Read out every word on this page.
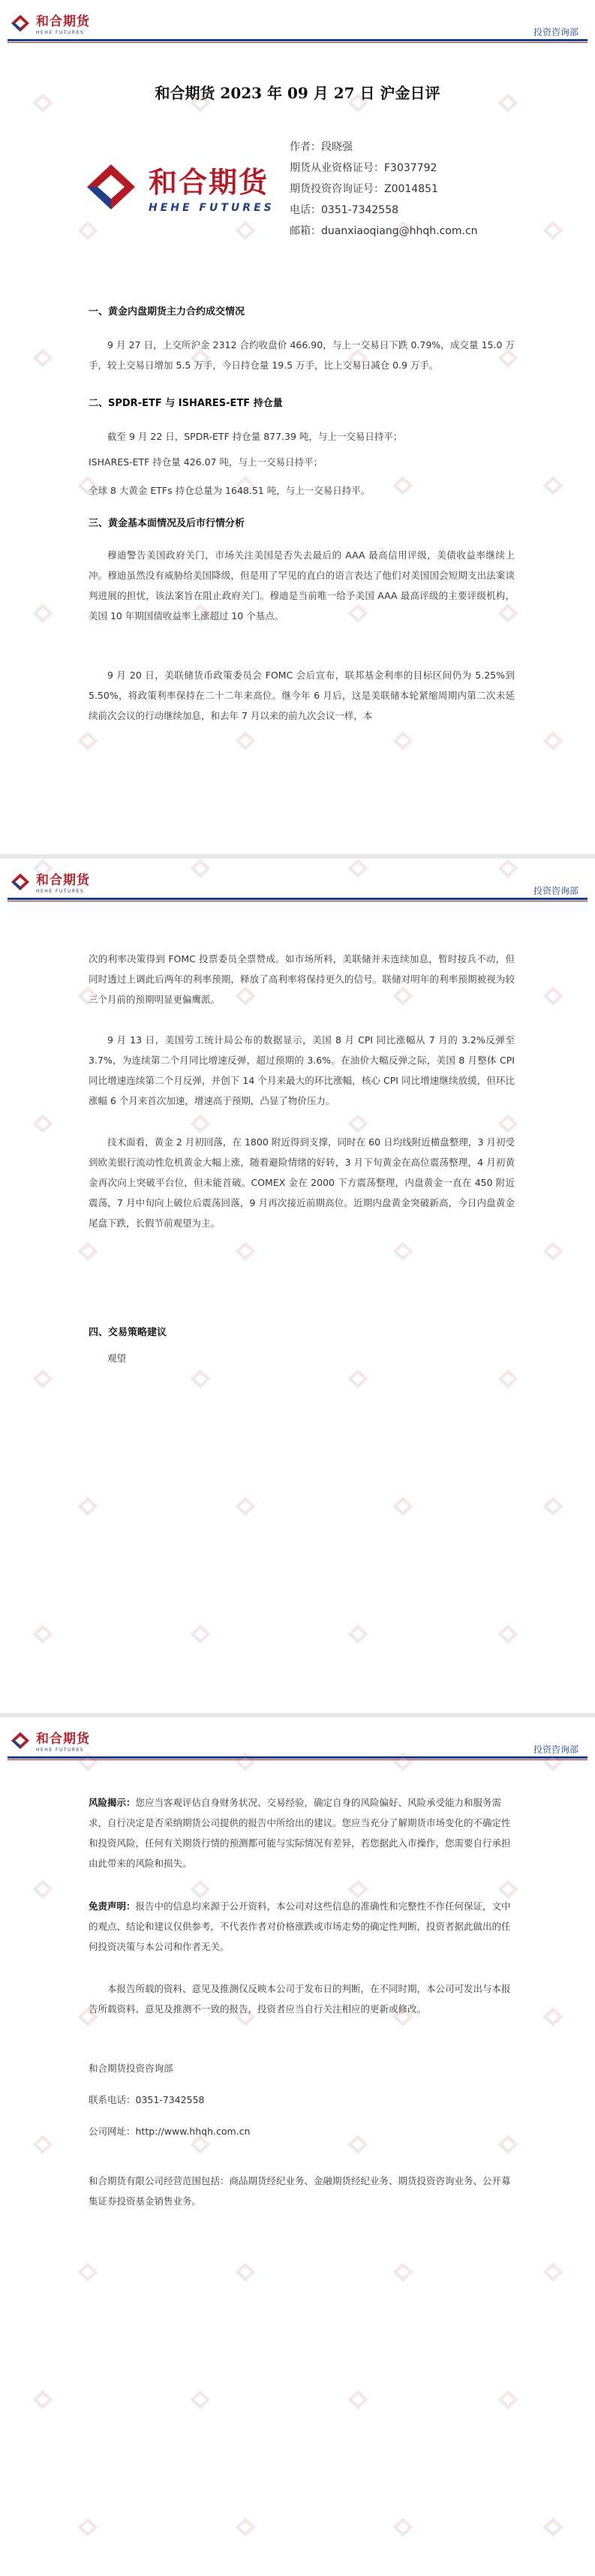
和合期货
HEHE FUTURES	投资咨询部
和合期货 2023 年 09 月 27 日 沪金日评
和合期货
HEHE FUTURES
作者：段晓强
期货从业资格证号：F3037792
期货投资咨询证号：Z0014851
电话：0351-7342558
邮箱：duanxiaoqiang@hhqh.com.cn
一、黄金内盘期货主力合约成交情况
9 月 27 日，上交所沪金 2312 合约收盘价 466.90，与上一交易日下跌 0.79%，成交量 15.0 万手，较上交易日增加 5.5 万手，今日持仓量 19.5 万手，比上交易日减仓 0.9 万手。
二、SPDR-ETF 与 ISHARES-ETF 持仓量
截至 9 月 22 日，SPDR-ETF 持仓量 877.39 吨，与上一交易日持平；
ISHARES-ETF 持仓量 426.07 吨，与上一交易日持平；
全球 8 大黄金 ETFs 持仓总量为 1648.51 吨，与上一交易日持平。
三、黄金基本面情况及后市行情分析
穆迪警告美国政府关门，市场关注美国是否失去最后的 AAA 最高信用评级，美债收益率继续上冲。穆迪虽然没有威胁给美国降级，但是用了罕见的直白的语言表达了他们对美国国会短期支出法案谈判进展的担忧，该法案旨在阻止政府关门。穆迪是当前唯一给予美国 AAA 最高评级的主要评级机构，美国 10 年期国债收益率上涨超过 10 个基点。
9 月 20 日，美联储货币政策委员会 FOMC 会后宣布，联邦基金利率的目标区间仍为 5.25%到 5.50%，将政策利率保持在二十二年来高位。继今年 6 月后，这是美联储本轮紧缩周期内第二次未延续前次会议的行动继续加息，和去年 7 月以来的前九次会议一样，本
和合期货
HEHE FUTURES	投资咨询部
次的利率决策得到 FOMC 投票委员全票赞成。如市场所料，美联储并未连续加息，暂时按兵不动，但同时透过上调此后两年的利率预期，释放了高利率将保持更久的信号。联储对明年的利率预期被视为较三个月前的预期明显更偏鹰派。
9 月 13 日，美国劳工统计局公布的数据显示，美国 8 月 CPI 同比涨幅从 7 月的 3.2%反弹至 3.7%，为连续第二个月同比增速反弹，超过预期的 3.6%。在油价大幅反弹之际，美国 8 月整体 CPI 同比增速连续第二个月反弹，并创下 14 个月来最大的环比涨幅，核心 CPI 同比增速继续放缓，但环比涨幅 6 个月来首次加速，增速高于预期，凸显了物价压力。
技术面看，黄金 2 月初回落，在 1800 附近得到支撑，同时在 60 日均线附近横盘整理，3 月初受到欧美银行流动性危机黄金大幅上涨，随着避险情绪的好转，3 月下旬黄金在高位震荡整理，4 月初黄金再次向上突破平台位，但未能首破。COMEX 金在 2000 下方震荡整理，内盘黄金一直在 450 附近震荡，7 月中旬向上破位后震荡回落，9 月再次接近前期高位。近期内盘黄金突破新高，今日内盘黄金尾盘下跌，长假节前观望为主。
四、交易策略建议
观望
和合期货
HEHE FUTURES	投资咨询部
风险揭示：您应当客观评估自身财务状况、交易经验，确定自身的风险偏好、风险承受能力和服务需求，自行决定是否采纳期货公司提供的报告中所给出的建议。您应当充分了解期货市场变化的不确定性和投资风险，任何有关期货行情的预测都可能与实际情况有差异，若您据此入市操作，您需要自行承担由此带来的风险和损失。
免责声明：报告中的信息均来源于公开资料，本公司对这些信息的准确性和完整性不作任何保证，文中的观点、结论和建议仅供参考，不代表作者对价格涨跌或市场走势的确定性判断，投资者据此做出的任何投资决策与本公司和作者无关。
本报告所载的资料、意见及推测仅反映本公司于发布日的判断，在不同时期，本公司可发出与本报告所载资料、意见及推测不一致的报告，投资者应当自行关注相应的更新或修改。
和合期货投资咨询部
联系电话：0351-7342558
公司网址：http://www.hhqh.com.cn
和合期货有限公司经营范围包括：商品期货经纪业务、金融期货经纪业务、期货投资咨询业务、公开募集证券投资基金销售业务。
